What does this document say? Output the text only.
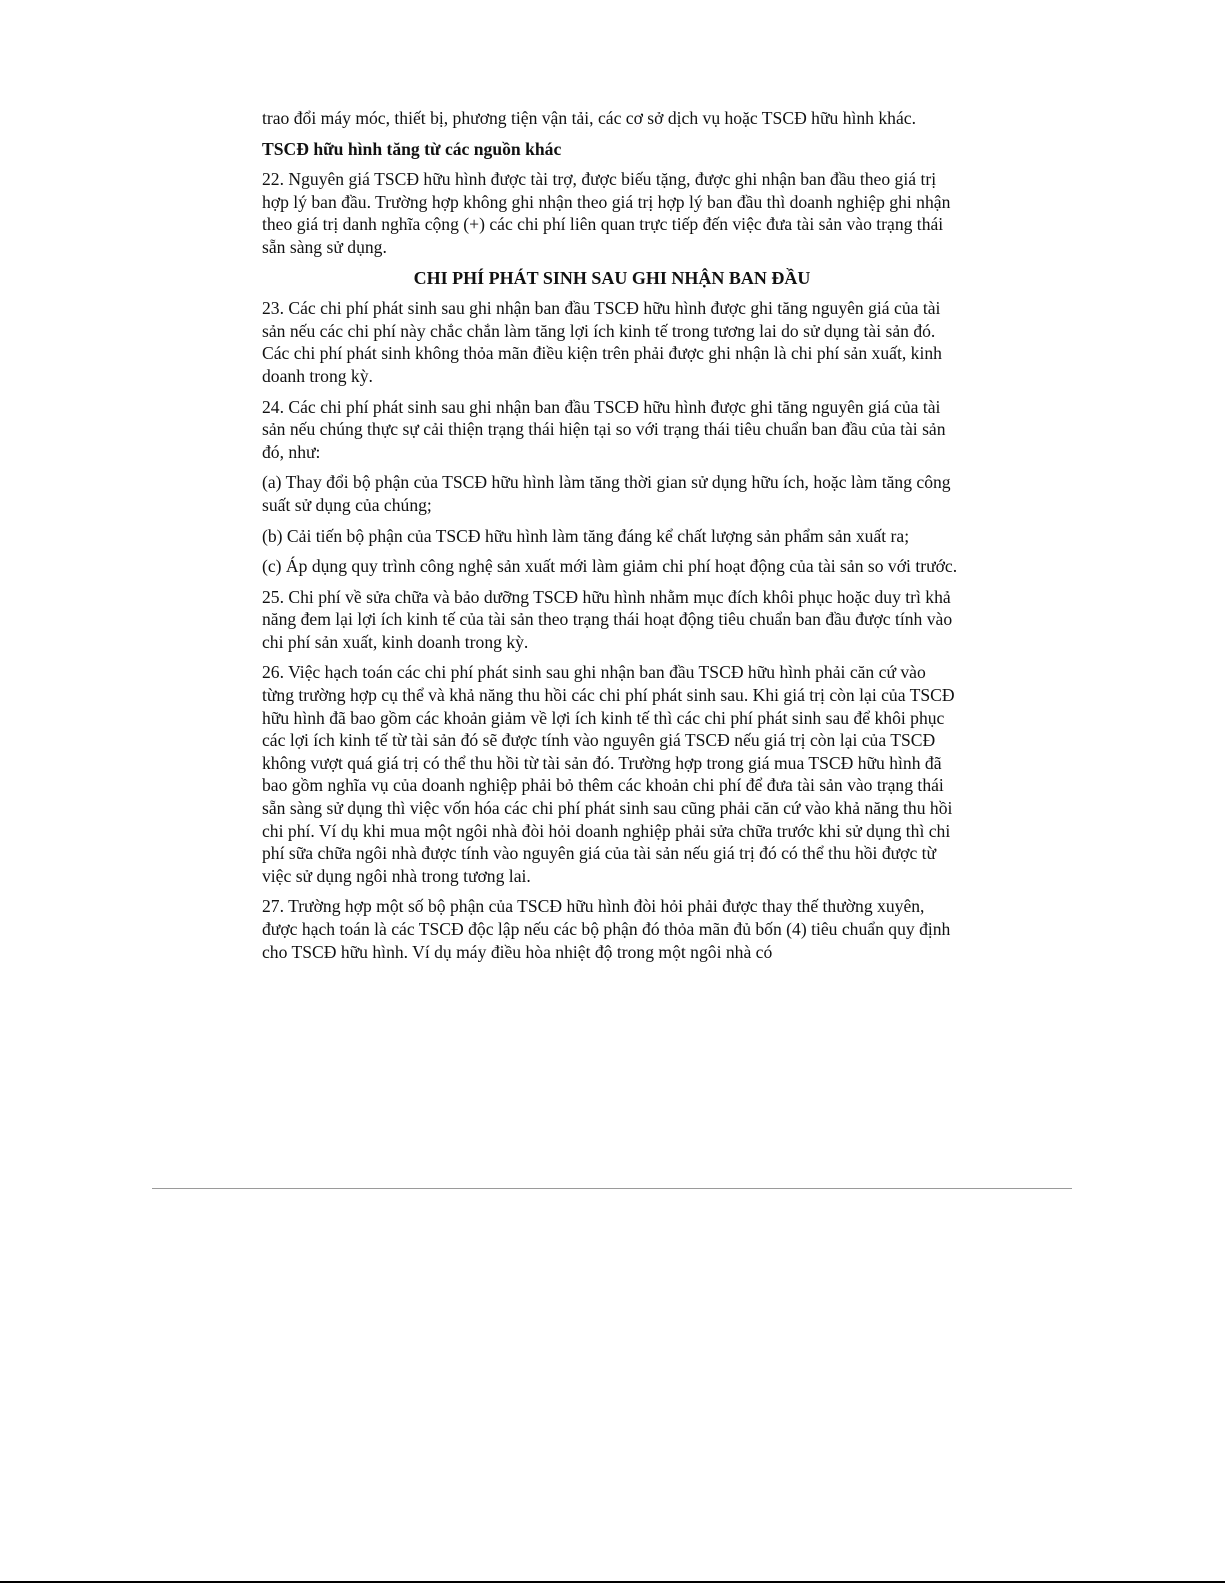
trao đổi máy móc, thiết bị, phương tiện vận tải, các cơ sở dịch vụ hoặc TSCĐ hữu hình khác.

TSCĐ hữu hình tăng từ các nguồn khác

22. Nguyên giá TSCĐ hữu hình được tài trợ, được biếu tặng, được ghi nhận ban đầu theo giá trị hợp lý ban đầu. Trường hợp không ghi nhận theo giá trị hợp lý ban đầu thì doanh nghiệp ghi nhận theo giá trị danh nghĩa cộng (+) các chi phí liên quan trực tiếp đến việc đưa tài sản vào trạng thái sẵn sàng sử dụng.

CHI PHÍ PHÁT SINH SAU GHI NHẬN BAN ĐẦU

23. Các chi phí phát sinh sau ghi nhận ban đầu TSCĐ hữu hình được ghi tăng nguyên giá của tài sản nếu các chi phí này chắc chắn làm tăng lợi ích kinh tế trong tương lai do sử dụng tài sản đó. Các chi phí phát sinh không thỏa mãn điều kiện trên phải được ghi nhận là chi phí sản xuất, kinh doanh trong kỳ.

24. Các chi phí phát sinh sau ghi nhận ban đầu TSCĐ hữu hình được ghi tăng nguyên giá của tài sản nếu chúng thực sự cải thiện trạng thái hiện tại so với trạng thái tiêu chuẩn ban đầu của tài sản đó, như:

(a) Thay đổi bộ phận của TSCĐ hữu hình làm tăng thời gian sử dụng hữu ích, hoặc làm tăng công suất sử dụng của chúng;

(b) Cải tiến bộ phận của TSCĐ hữu hình làm tăng đáng kể chất lượng sản phẩm sản xuất ra;

(c) Áp dụng quy trình công nghệ sản xuất mới làm giảm chi phí hoạt động của tài sản so với trước.

25. Chi phí về sửa chữa và bảo dưỡng TSCĐ hữu hình nhằm mục đích khôi phục hoặc duy trì khả năng đem lại lợi ích kinh tế của tài sản theo trạng thái hoạt động tiêu chuẩn ban đầu được tính vào chi phí sản xuất, kinh doanh trong kỳ.

26. Việc hạch toán các chi phí phát sinh sau ghi nhận ban đầu TSCĐ hữu hình phải căn cứ vào từng trường hợp cụ thể và khả năng thu hồi các chi phí phát sinh sau. Khi giá trị còn lại của TSCĐ hữu hình đã bao gồm các khoản giảm về lợi ích kinh tế thì các chi phí phát sinh sau để khôi phục các lợi ích kinh tế từ tài sản đó sẽ được tính vào nguyên giá TSCĐ nếu giá trị còn lại của TSCĐ không vượt quá giá trị có thể thu hồi từ tài sản đó. Trường hợp trong giá mua TSCĐ hữu hình đã bao gồm nghĩa vụ của doanh nghiệp phải bỏ thêm các khoản chi phí để đưa tài sản vào trạng thái sẵn sàng sử dụng thì việc vốn hóa các chi phí phát sinh sau cũng phải căn cứ vào khả năng thu hồi chi phí. Ví dụ khi mua một ngôi nhà đòi hỏi doanh nghiệp phải sửa chữa trước khi sử dụng thì chi phí sữa chữa ngôi nhà được tính vào nguyên giá của tài sản nếu giá trị đó có thể thu hồi được từ việc sử dụng ngôi nhà trong tương lai.

27. Trường hợp một số bộ phận của TSCĐ hữu hình đòi hỏi phải được thay thế thường xuyên, được hạch toán là các TSCĐ độc lập nếu các bộ phận đó thỏa mãn đủ bốn (4) tiêu chuẩn quy định cho TSCĐ hữu hình. Ví dụ máy điều hòa nhiệt độ trong một ngôi nhà có
